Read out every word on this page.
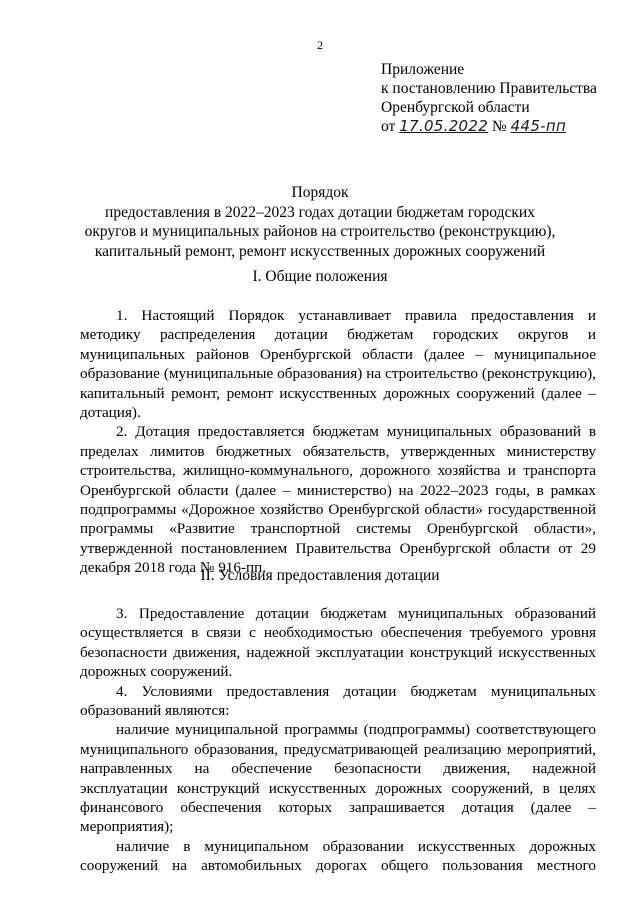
2
Приложение
к постановлению Правительства
Оренбургской области
от 17.05.2022 № 445-пп
Порядок
предоставления в 2022–2023 годах дотации бюджетам городских округов и муниципальных районов на строительство (реконструкцию), капитальный ремонт, ремонт искусственных дорожных сооружений
I. Общие положения

1. Настоящий Порядок устанавливает правила предоставления и методику распределения дотации бюджетам городских округов и муниципальных районов Оренбургской области (далее – муниципальное образование (муниципальные образования) на строительство (реконструкцию), капитальный ремонт, ремонт искусственных дорожных сооружений (далее – дотация).

2. Дотация предоставляется бюджетам муниципальных образований в пределах лимитов бюджетных обязательств, утвержденных министерству строительства, жилищно-коммунального, дорожного хозяйства и транспорта Оренбургской области (далее – министерство) на 2022–2023 годы, в рамках подпрограммы «Дорожное хозяйство Оренбургской области» государственной программы «Развитие транспортной системы Оренбургской области», утвержденной постановлением Правительства Оренбургской области от 29 декабря 2018 года № 916-пп.

II. Условия предоставления дотации

3. Предоставление дотации бюджетам муниципальных образований осуществляется в связи с необходимостью обеспечения требуемого уровня безопасности движения, надежной эксплуатации конструкций искусственных дорожных сооружений.

4. Условиями предоставления дотации бюджетам муниципальных образований являются:

наличие муниципальной программы (подпрограммы) соответствующего муниципального образования, предусматривающей реализацию мероприятий, направленных на обеспечение безопасности движения, надежной эксплуатации конструкций искусственных дорожных сооружений, в целях финансового обеспечения которых запрашивается дотация (далее – мероприятия);

наличие в муниципальном образовании искусственных дорожных сооружений на автомобильных дорогах общего пользования местного
